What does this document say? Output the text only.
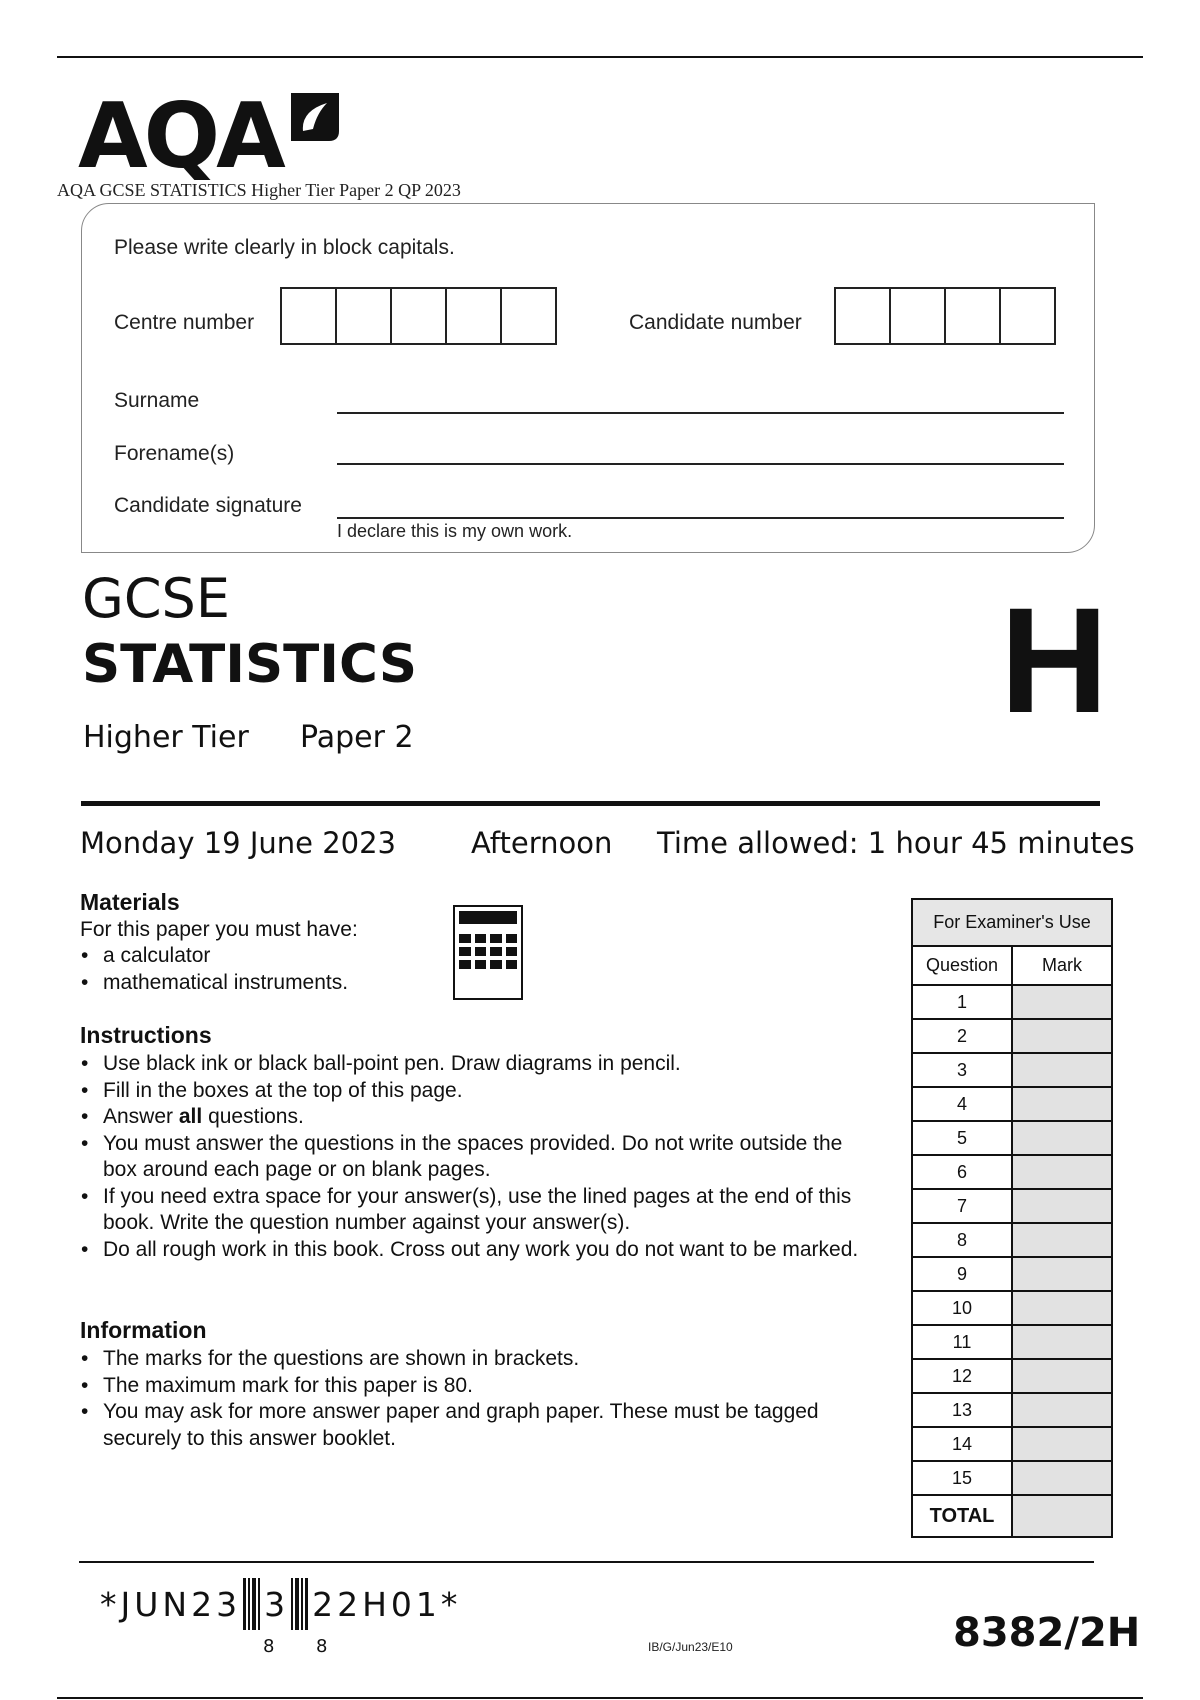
AQA
AQA GCSE STATISTICS Higher Tier Paper 2 QP 2023
Please write clearly in block capitals.
Centre number	Candidate number
Surname
Forename(s)
Candidate signature
I declare this is my own work.
GCSE
STATISTICS	H
Higher Tier Paper 2
Monday 19 June 2023	Afternoon Time allowed: 1 hour 45 minutes
Materials
For this paper you must have:
• a calculator
• mathematical instruments.
Instructions
• Use black ink or black ball-point pen. Draw diagrams in pencil.
• Fill in the boxes at the top of this page.
• Answer all questions.
• You must answer the questions in the spaces provided. Do not write outside the box around each page or on blank pages.
• If you need extra space for your answer(s), use the lined pages at the end of this book. Write the question number against your answer(s).
• Do all rough work in this book. Cross out any work you do not want to be marked.
Information
• The marks for the questions are shown in brackets.
• The maximum mark for this paper is 80.
• You may ask for more answer paper and graph paper. These must be tagged securely to this answer booklet.
For Examiner's Use	
Question	Mark
1	
2	
3	
4	
5	
6	
7	
8	
9	
10	
11	
12	
13	
14	
15	
TOTAL	
*JUN23 3 22H01*
8 8	IB/G/Jun23/E10	8382/2H
